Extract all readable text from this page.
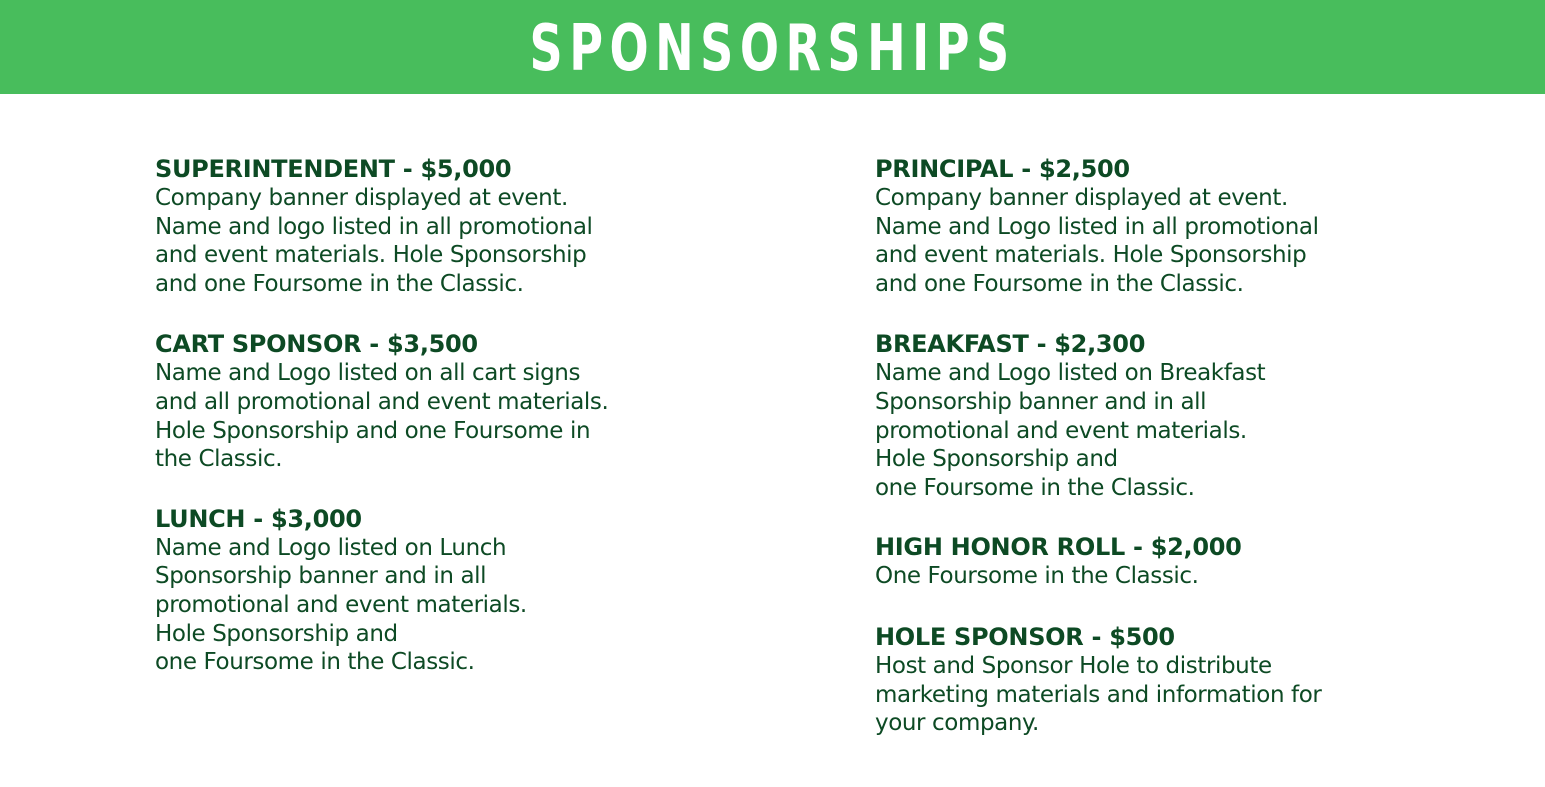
SPONSORSHIPS
SUPERINTENDENT - $5,000
Company banner displayed at event.
Name and logo listed in all promotional
and event materials. Hole Sponsorship
and one Foursome in the Classic.
CART SPONSOR - $3,500
Name and Logo listed on all cart signs
and all promotional and event materials.
Hole Sponsorship and one Foursome in
the Classic.
LUNCH - $3,000
Name and Logo listed on Lunch
Sponsorship banner and in all
promotional and event materials.
Hole Sponsorship and
one Foursome in the Classic.
PRINCIPAL - $2,500
Company banner displayed at event.
Name and Logo listed in all promotional
and event materials. Hole Sponsorship
and one Foursome in the Classic.
BREAKFAST - $2,300
Name and Logo listed on Breakfast
Sponsorship banner and in all
promotional and event materials.
Hole Sponsorship and
one Foursome in the Classic.
HIGH HONOR ROLL - $2,000
One Foursome in the Classic.
HOLE SPONSOR - $500
Host and Sponsor Hole to distribute
marketing materials and information for
your company.
